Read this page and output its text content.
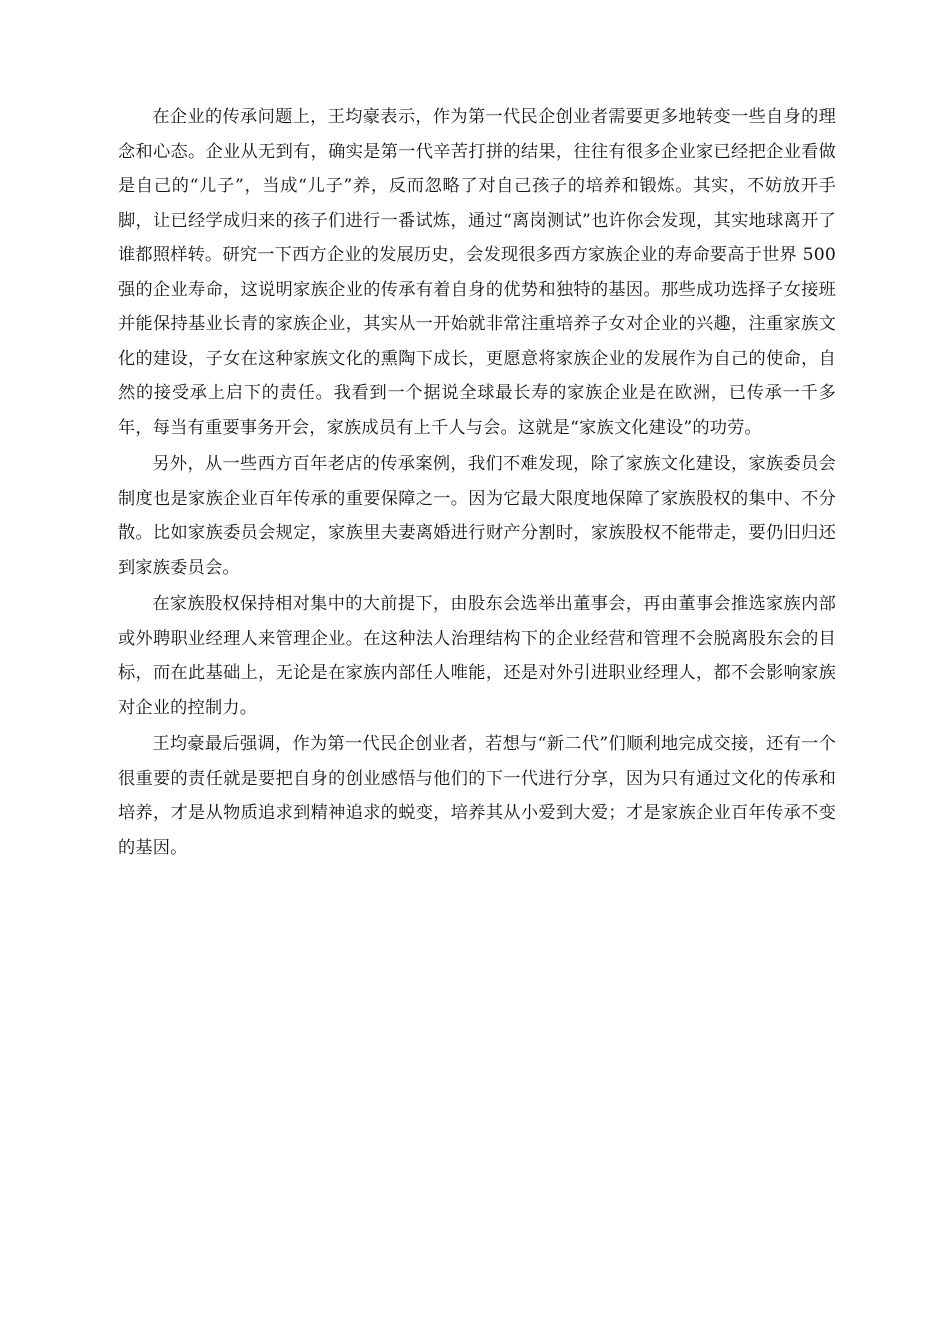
在企业的传承问题上，王均豪表示，作为第一代民企创业者需要更多地转变一些自身的理念和心态。企业从无到有，确实是第一代辛苦打拼的结果，往往有很多企业家已经把企业看做是自己的“儿子”，当成“儿子”养，反而忽略了对自己孩子的培养和锻炼。其实，不妨放开手脚，让已经学成归来的孩子们进行一番试炼，通过“离岗测试”也许你会发现，其实地球离开了谁都照样转。研究一下西方企业的发展历史，会发现很多西方家族企业的寿命要高于世界 500 强的企业寿命，这说明家族企业的传承有着自身的优势和独特的基因。那些成功选择子女接班并能保持基业长青的家族企业，其实从一开始就非常注重培养子女对企业的兴趣，注重家族文化的建设，子女在这种家族文化的熏陶下成长，更愿意将家族企业的发展作为自己的使命，自然的接受承上启下的责任。我看到一个据说全球最长寿的家族企业是在欧洲，已传承一千多年，每当有重要事务开会，家族成员有上千人与会。这就是“家族文化建设”的功劳。

另外，从一些西方百年老店的传承案例，我们不难发现，除了家族文化建设，家族委员会制度也是家族企业百年传承的重要保障之一。因为它最大限度地保障了家族股权的集中、不分散。比如家族委员会规定，家族里夫妻离婚进行财产分割时，家族股权不能带走，要仍旧归还到家族委员会。

在家族股权保持相对集中的大前提下，由股东会选举出董事会，再由董事会推选家族内部或外聘职业经理人来管理企业。在这种法人治理结构下的企业经营和管理不会脱离股东会的目标，而在此基础上，无论是在家族内部任人唯能，还是对外引进职业经理人，都不会影响家族对企业的控制力。

王均豪最后强调，作为第一代民企创业者，若想与“新二代”们顺利地完成交接，还有一个很重要的责任就是要把自身的创业感悟与他们的下一代进行分享，因为只有通过文化的传承和培养，才是从物质追求到精神追求的蜕变，培养其从小爱到大爱；才是家族企业百年传承不变的基因。
